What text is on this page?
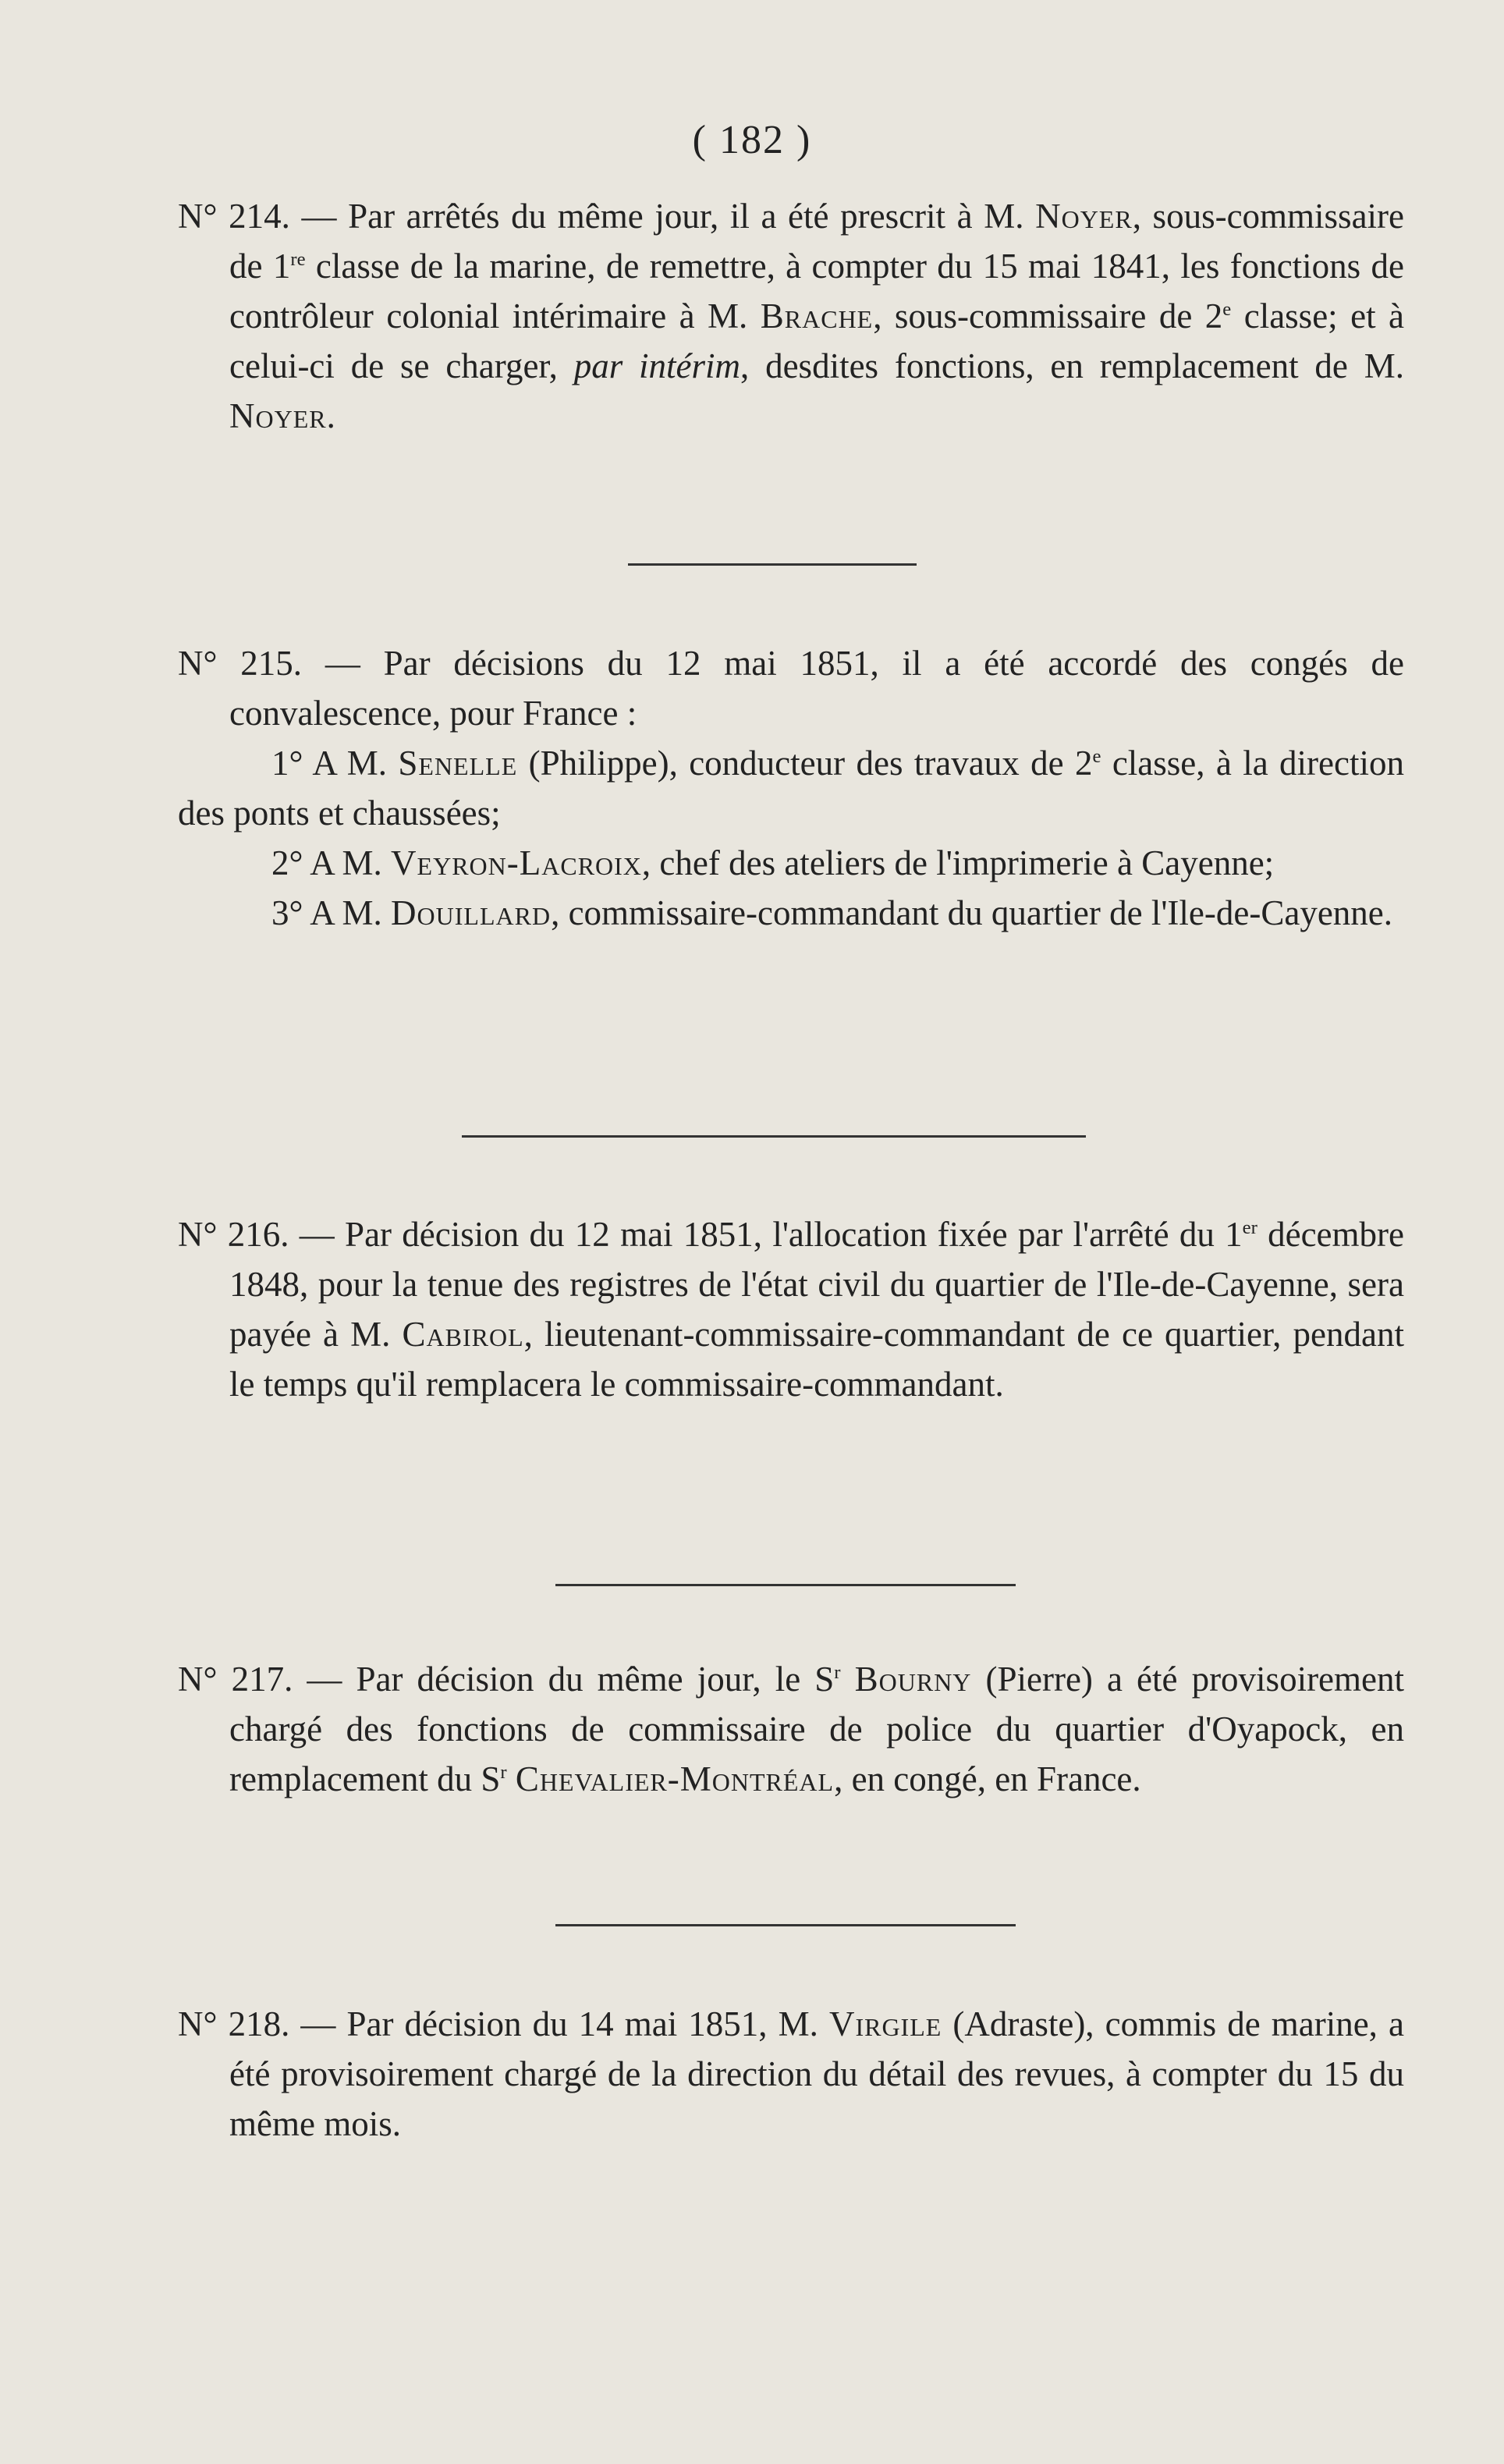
( 182 )

N° 214. — Par arrêtés du même jour, il a été prescrit à M. Noyer, sous-commissaire de 1re classe de la marine, de remettre, à compter du 15 mai 1841, les fonctions de contrôleur colonial intérimaire à M. Brache, sous-commissaire de 2e classe; et à celui-ci de se charger, par intérim, desdites fonctions, en remplacement de M. Noyer.

N° 215. — Par décisions du 12 mai 1851, il a été accordé des congés de convalescence, pour France :

1° A M. Senelle (Philippe), conducteur des travaux de 2e classe, à la direction des ponts et chaussées;

2° A M. Veyron-Lacroix, chef des ateliers de l'imprimerie à Cayenne;

3° A M. Douillard, commissaire-commandant du quartier de l'Ile-de-Cayenne.

N° 216. — Par décision du 12 mai 1851, l'allocation fixée par l'arrêté du 1er décembre 1848, pour la tenue des registres de l'état civil du quartier de l'Ile-de-Cayenne, sera payée à M. Cabirol, lieutenant-commissaire-commandant de ce quartier, pendant le temps qu'il remplacera le commissaire-commandant.

N° 217. — Par décision du même jour, le $S^r$ Bourny (Pierre) a été provisoirement chargé des fonctions de commissaire de police du quartier d'Oyapock, en remplacement du $S^r$ Chevalier-Montréal, en congé, en France.

N° 218. — Par décision du 14 mai 1851, M. Virgile (Adraste), commis de marine, a été provisoirement chargé de la direction du détail des revues, à compter du 15 du même mois.
